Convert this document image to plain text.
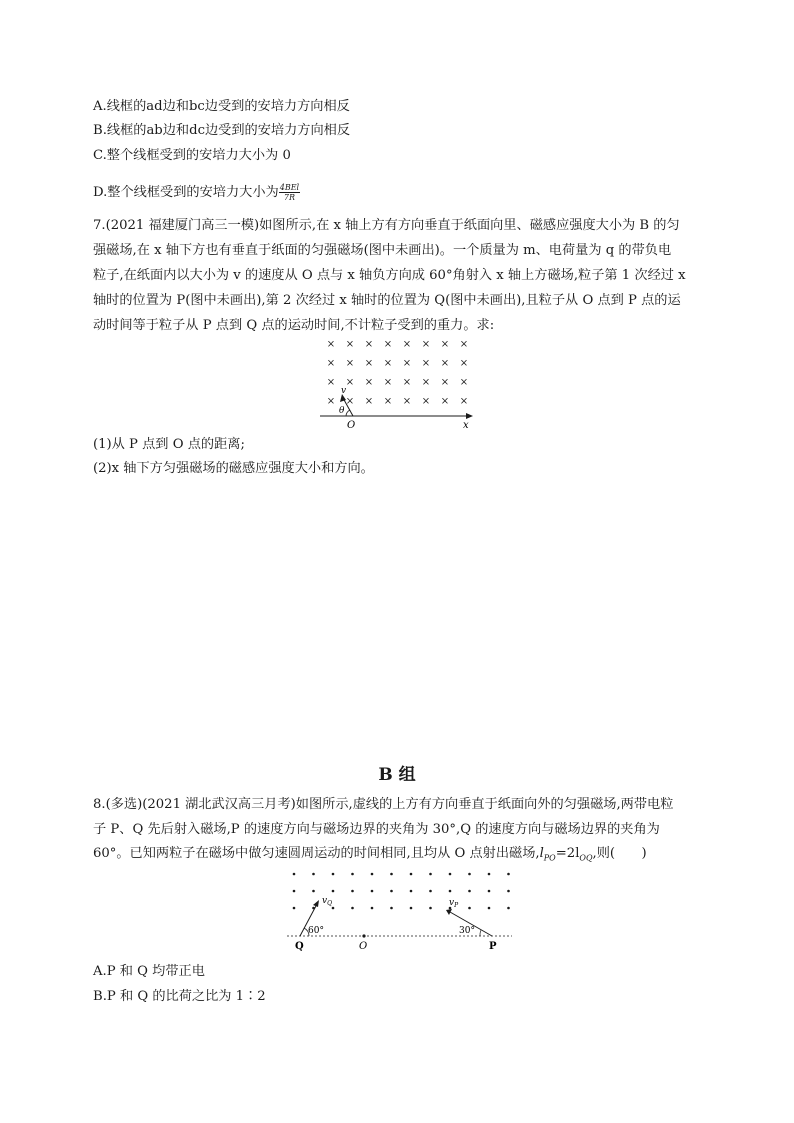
A.线框的ad边和bc边受到的安培力方向相反
B.线框的ab边和dc边受到的安培力方向相反
C.整个线框受到的安培力大小为 0
D.整个线框受到的安培力大小为 $\frac{\text{4BEl}}{7R}$
7.(2021 福建厦门高三一模)如图所示,在 x 轴上方有方向垂直于纸面向里、磁感应强度大小为 B 的匀
强磁场,在 x 轴下方也有垂直于纸面的匀强磁场(图中未画出)。一个质量为 m、电荷量为 q 的带负电
粒子,在纸面内以大小为 v 的速度从 O 点与 x 轴负方向成 60°角射入 x 轴上方磁场,粒子第 1 次经过 x
轴时的位置为 P(图中未画出),第 2 次经过 x 轴时的位置为 Q(图中未画出),且粒子从 O 点到 P 点的运
动时间等于粒子从 P 点到 Q 点的运动时间,不计粒子受到的重力。求:
× × × × × × × ×
× × × × × × × ×
× × × × × × × ×
× × × × × × × ×
v
θ
O	x
(1)从 P 点到 O 点的距离;
(2)x 轴下方匀强磁场的磁感应强度大小和方向。
B 组
8.(多选)(2021 湖北武汉高三月考)如图所示,虚线的上方有方向垂直于纸面向外的匀强磁场,两带电粒
子 P、Q 先后射入磁场,P 的速度方向与磁场边界的夹角为 30°,Q 的速度方向与磁场边界的夹角为
60°。已知两粒子在磁场中做匀速圆周运动的时间相同,且均从 O 点射出磁场$,l_{PO}=2l_{OQ}$,则(　　)
$v_Q$	$v_P$
60°	30°
Q	O	P
A.P 和 Q 均带正电
B.P 和 Q 的比荷之比为 1∶2
